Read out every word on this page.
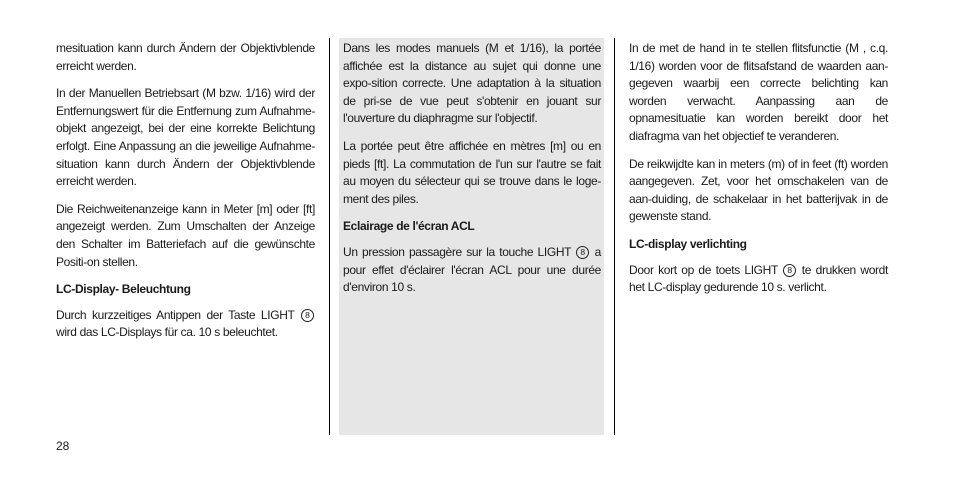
mesituation kann durch Ändern der Objektivblende erreicht werden.

In der Manuellen Betriebsart (M bzw. 1/16) wird der Entfernungswert für die Entfernung zum Aufnahme-objekt angezeigt, bei der eine korrekte Belichtung erfolgt. Eine Anpassung an die jeweilige Aufnahme-situation kann durch Ändern der Objektivblende erreicht werden.

Die Reichweitenanzeige kann in Meter [m] oder [ft] angezeigt werden. Zum Umschalten der Anzeige den Schalter im Batteriefach auf die gewünschte Positi-on stellen.

LC-Display- Beleuchtung

Durch kurzzeitiges Antippen der Taste LIGHT 8 wird das LC-Displays für ca. 10 s beleuchtet.

Dans les modes manuels (M et 1/16), la portée affichée est la distance au sujet qui donne une expo-sition correcte. Une adaptation à la situation de pri-se de vue peut s'obtenir en jouant sur l'ouverture du diaphragme sur l'objectif.

La portée peut être affichée en mètres [m] ou en pieds [ft]. La commutation de l'un sur l'autre se fait au moyen du sélecteur qui se trouve dans le loge-ment des piles.

Eclairage de l'écran ACL

Un pression passagère sur la touche LIGHT 8 a pour effet d'éclairer l'écran ACL pour une durée d'environ 10 s.

In de met de hand in te stellen flitsfunctie (M , c.q. 1/16) worden voor de flitsafstand de waarden aan-gegeven waarbij een correcte belichting kan worden verwacht. Aanpassing aan de opnamesituatie kan worden bereikt door het diafragma van het objectief te veranderen.

De reikwijdte kan in meters (m) of in feet (ft) worden aangegeven. Zet, voor het omschakelen van de aan-duiding, de schakelaar in het batterijvak in de gewenste stand.

LC-display verlichting

Door kort op de toets LIGHT 8 te drukken wordt het LC-display gedurende 10 s. verlicht.

28
